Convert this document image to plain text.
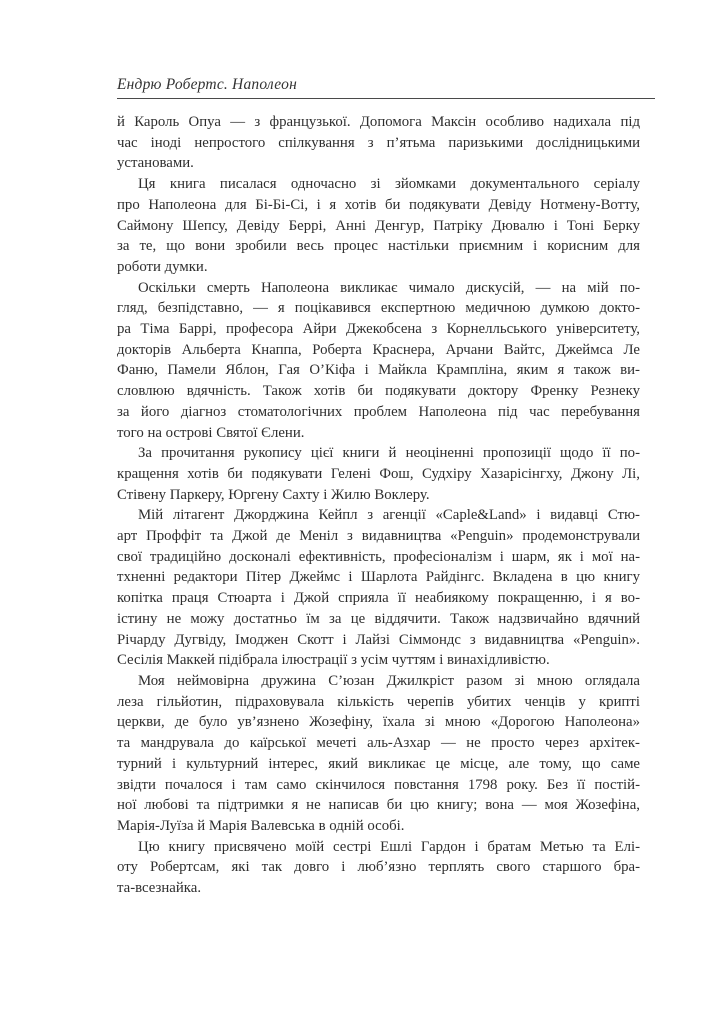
Ендрю Робертс. Наполеон
й Кароль Опуа — з французької. Допомога Максін особливо надихала під
час іноді непростого спілкування з п’ятьма паризькими дослідницькими
установами.
Ця книга писалася одночасно зі зйомками документального серіалу
про Наполеона для Бі-Бі-Сі, і я хотів би подякувати Девіду Нотмену-Вотту,
Саймону Шепсу, Девіду Беррі, Анні Денгур, Патріку Дювалю і Тоні Берку
за те, що вони зробили весь процес настільки приємним і корисним для
роботи думки.
Оскільки смерть Наполеона викликає чимало дискусій, — на мій по-
гляд, безпідставно, — я поцікавився експертною медичною думкою докто-
ра Тіма Баррі, професора Айри Джекобсена з Корнелльського університету,
докторів Альберта Кнаппа, Роберта Краснера, Арчани Вайтс, Джеймса Ле
Фаню, Памели Яблон, Гая О’Кіфа і Майкла Крампліна, яким я також ви-
словлюю вдячність. Також хотів би подякувати доктору Френку Резнеку
за його діагноз стоматологічних проблем Наполеона під час перебування
того на острові Святої Єлени.
За прочитання рукопису цієї книги й неоціненні пропозиції щодо її по-
кращення хотів би подякувати Гелені Фош, Судхіру Хазарісінгху, Джону Лі,
Стівену Паркеру, Юргену Сахту і Жилю Воклеру.
Мій літагент Джорджина Кейпл з агенції «Caple&Land» і видавці Стю-
арт Проффіт та Джой де Меніл з видавництва «Penguin» продемонстрували
свої традиційно досконалі ефективність, професіоналізм і шарм, як і мої на-
тхненні редактори Пітер Джеймс і Шарлота Райдінгс. Вкладена в цю книгу
копітка праця Стюарта і Джой сприяла її неабиякому покращенню, і я во-
істину не можу достатньо їм за це віддячити. Також надзвичайно вдячний
Річарду Дугвіду, Імоджен Скотт і Лайзі Сіммондс з видавництва «Penguin».
Сесілія Маккей підібрала ілюстрації з усім чуттям і винахідливістю.
Моя неймовірна дружина С’юзан Джилкріст разом зі мною оглядала
леза гільйотин, підраховувала кількість черепів убитих ченців у крипті
церкви, де було ув’язнено Жозефіну, їхала зі мною «Дорогою Наполеона»
та мандрувала до каїрської мечеті аль-Азхар — не просто через архітек-
турний і культурний інтерес, який викликає це місце, але тому, що саме
звідти почалося і там само скінчилося повстання 1798 року. Без її постій-
ної любові та підтримки я не написав би цю книгу; вона — моя Жозефіна,
Марія-Луїза й Марія Валевська в одній особі.
Цю книгу присвячено моїй сестрі Ешлі Гардон і братам Метью та Елі-
оту Робертсам, які так довго і люб’язно терплять свого старшого бра-
та-всезнайка.
